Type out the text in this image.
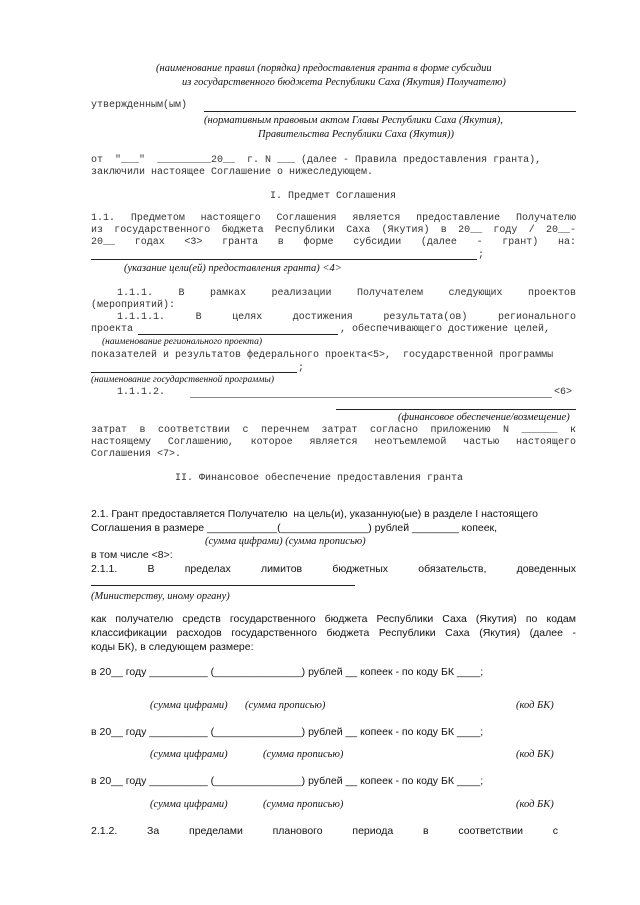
(наименование правил (порядка) предоставления гранта в форме субсидии
из государственного бюджета Республики Саха (Якутия) Получателю)
утвержденным(ым)
(нормативным правовым актом Главы Республики Саха (Якутия),
Правительства Республики Саха (Якутия))
от  "___"  _________20__  г. N ___ (далее - Правила предоставления гранта),
заключили настоящее Соглашение о нижеследующем.
I. Предмет Соглашения
1.1. Предметом настоящего Соглашения является предоставление Получателю
из государственного бюджета Республики Саха (Якутия) в 20__ году / 20__-
20__ годах <3> гранта в форме субсидии (далее - грант) на:
;
(указание цели(ей) предоставления гранта) <4>
1.1.1. В рамках реализации Получателем следующих проектов
(мероприятий):
1.1.1.1. В целях достижения результата(ов) регионального
проекта	, обеспечивающего достижение целей,
(наименование регионального проекта)
показателей и результатов федерального проекта<5>,  государственной программы
;
(наименование государственной программы)
1.1.1.2.	<6>
(финансовое обеспечение/возмещение)
затрат в соответствии с перечнем затрат согласно приложению N ______ к
настоящему Соглашению, которое является неотъемлемой частью настоящего
Соглашения <7>.
II. Финансовое обеспечение предоставления гранта
2.1. Грант предоставляется Получателю  на цель(и), указанную(ые) в разделе I настоящего
Соглашения в размере ____________(_______________) рублей ________ копеек,
(сумма цифрами) (сумма прописью)
в том числе <8>:
2.1.1. В пределах лимитов бюджетных обязательств, доведенных
(Министерству, иному органу)
как получателю средств государственного бюджета Республики Саха (Якутия) по кодам
классификации расходов государственного бюджета Республики Саха (Якутия) (далее -
коды БК), в следующем размере:
в 20__ году __________ (_______________) рублей __ копеек - по коду БК ____;
(сумма цифрами) (сумма прописью)	(код БК)
в 20__ году __________ (_______________) рублей __ копеек - по коду БК ____;
(сумма цифрами)	(сумма прописью)	(код БК)
в 20__ году __________ (_______________) рублей __ копеек - по коду БК ____;
(сумма цифрами)	(сумма прописью)	(код БК)
2.1.2. За пределами планового периода в соответствии с
